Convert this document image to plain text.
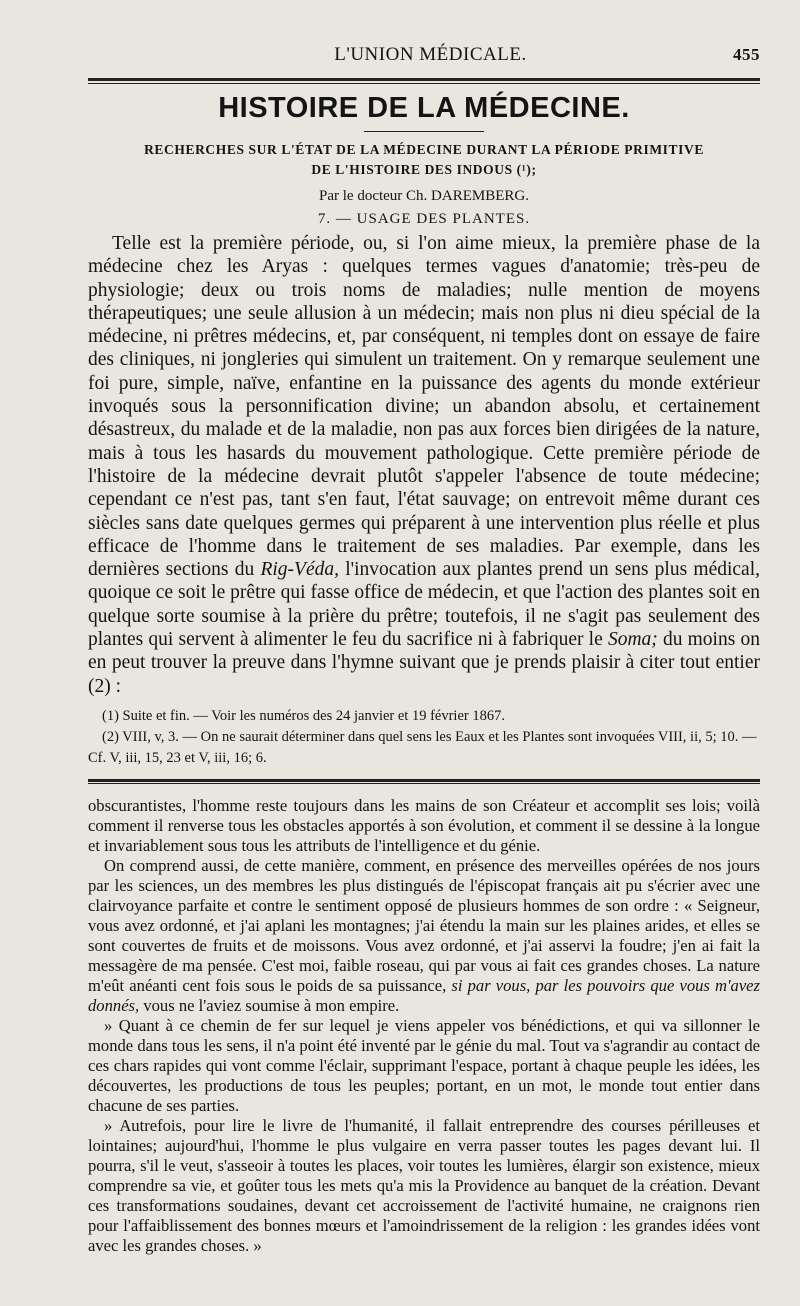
L'UNION MÉDICALE.	455
HISTOIRE DE LA MÉDECINE.
RECHERCHES SUR L'ÉTAT DE LA MÉDECINE DURANT LA PÉRIODE PRIMITIVE
DE L'HISTOIRE DES INDOUS (¹);
Par le docteur Ch. DAREMBERG.
7. — USAGE DES PLANTES.

Telle est la première période, ou, si l'on aime mieux, la première phase de la médecine chez les Aryas : quelques termes vagues d'anatomie; très-peu de physiologie; deux ou trois noms de maladies; nulle mention de moyens thérapeutiques; une seule allusion à un médecin; mais non plus ni dieu spécial de la médecine, ni prêtres médecins, et, par conséquent, ni temples dont on essaye de faire des cliniques, ni jongleries qui simulent un traitement. On y remarque seulement une foi pure, simple, naïve, enfantine en la puissance des agents du monde extérieur invoqués sous la personnification divine; un abandon absolu, et certainement désastreux, du malade et de la maladie, non pas aux forces bien dirigées de la nature, mais à tous les hasards du mouvement pathologique. Cette première période de l'histoire de la médecine devrait plutôt s'appeler l'absence de toute médecine; cependant ce n'est pas, tant s'en faut, l'état sauvage; on entrevoit même durant ces siècles sans date quelques germes qui préparent à une intervention plus réelle et plus efficace de l'homme dans le traitement de ses maladies. Par exemple, dans les dernières sections du Rig-Véda, l'invocation aux plantes prend un sens plus médical, quoique ce soit le prêtre qui fasse office de médecin, et que l'action des plantes soit en quelque sorte soumise à la prière du prêtre; toutefois, il ne s'agit pas seulement des plantes qui servent à alimenter le feu du sacrifice ni à fabriquer le Soma; du moins on en peut trouver la preuve dans l'hymne suivant que je prends plaisir à citer tout entier (2) :

(1) Suite et fin. — Voir les numéros des 24 janvier et 19 février 1867.
(2) VIII, v, 3. — On ne saurait déterminer dans quel sens les Eaux et les Plantes sont invoquées VIII, ii, 5; 10. — Cf. V, iii, 15, 23 et V, iii, 16; 6.

obscurantistes, l'homme reste toujours dans les mains de son Créateur et accomplit ses lois; voilà comment il renverse tous les obstacles apportés à son évolution, et comment il se dessine à la longue et invariablement sous tous les attributs de l'intelligence et du génie.

On comprend aussi, de cette manière, comment, en présence des merveilles opérées de nos jours par les sciences, un des membres les plus distingués de l'épiscopat français ait pu s'écrier avec une clairvoyance parfaite et contre le sentiment opposé de plusieurs hommes de son ordre : « Seigneur, vous avez ordonné, et j'ai aplani les montagnes; j'ai étendu la main sur les plaines arides, et elles se sont couvertes de fruits et de moissons. Vous avez ordonné, et j'ai asservi la foudre; j'en ai fait la messagère de ma pensée. C'est moi, faible roseau, qui par vous ai fait ces grandes choses. La nature m'eût anéanti cent fois sous le poids de sa puissance, si par vous, par les pouvoirs que vous m'avez donnés, vous ne l'aviez soumise à mon empire.

» Quant à ce chemin de fer sur lequel je viens appeler vos bénédictions, et qui va sillonner le monde dans tous les sens, il n'a point été inventé par le génie du mal. Tout va s'agrandir au contact de ces chars rapides qui vont comme l'éclair, supprimant l'espace, portant à chaque peuple les idées, les découvertes, les productions de tous les peuples; portant, en un mot, le monde tout entier dans chacune de ses parties.

» Autrefois, pour lire le livre de l'humanité, il fallait entreprendre des courses périlleuses et lointaines; aujourd'hui, l'homme le plus vulgaire en verra passer toutes les pages devant lui. Il pourra, s'il le veut, s'asseoir à toutes les places, voir toutes les lumières, élargir son existence, mieux comprendre sa vie, et goûter tous les mets qu'a mis la Providence au banquet de la création. Devant ces transformations soudaines, devant cet accroissement de l'activité humaine, ne craignons rien pour l'affaiblissement des bonnes mœurs et l'amoindrissement de la religion : les grandes idées vont avec les grandes choses. »
